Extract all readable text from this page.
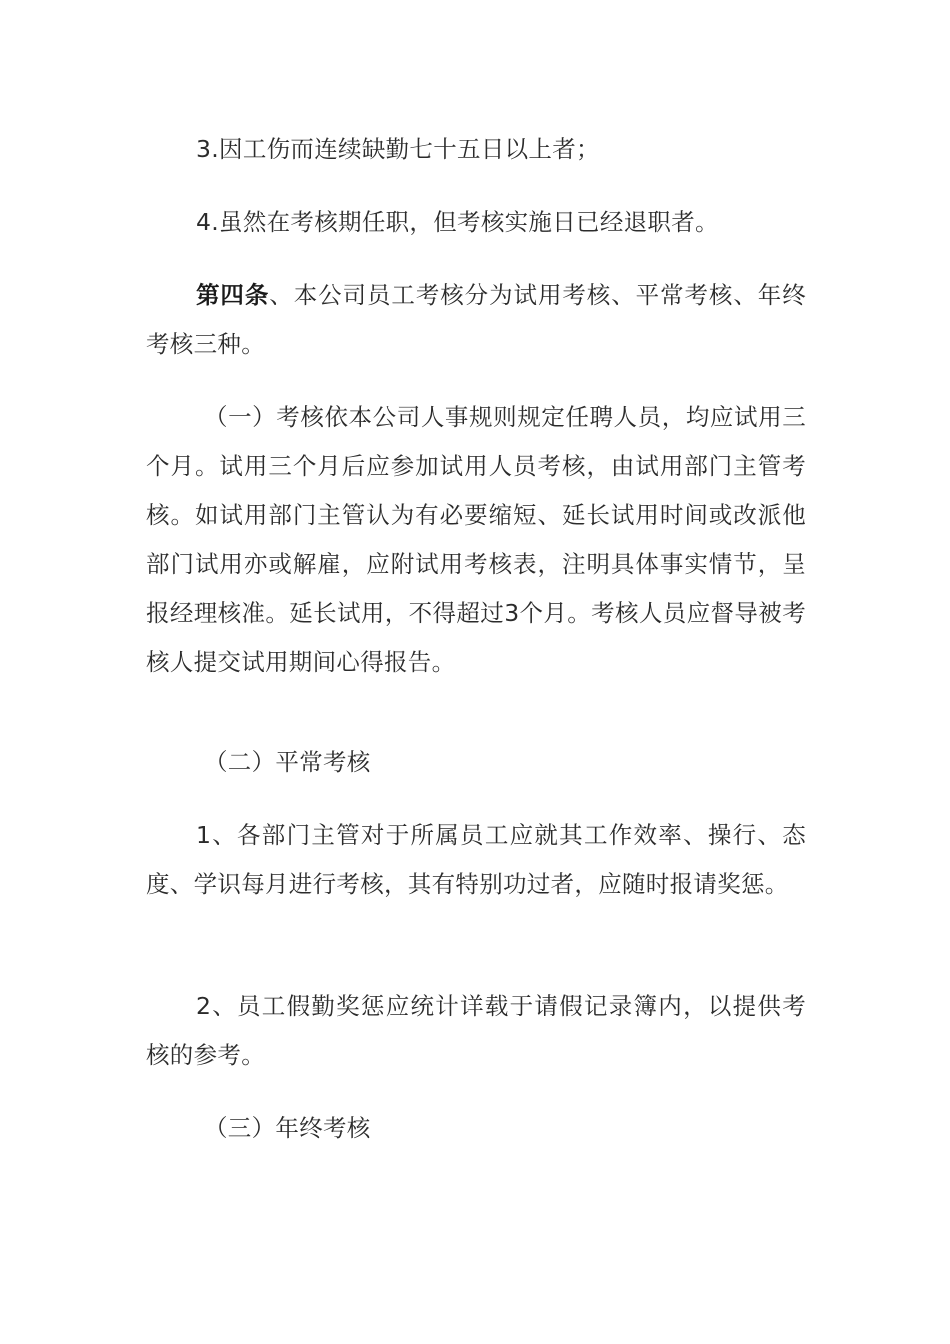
3.因工伤而连续缺勤七十五日以上者；
4.虽然在考核期任职，但考核实施日已经退职者。
第四条、本公司员工考核分为试用考核、平常考核、年终考核三种。
（一）考核依本公司人事规则规定任聘人员，均应试用三个月。试用三个月后应参加试用人员考核，由试用部门主管考核。如试用部门主管认为有必要缩短、延长试用时间或改派他部门试用亦或解雇，应附试用考核表，注明具体事实情节，呈报经理核准。延长试用，不得超过3个月。考核人员应督导被考核人提交试用期间心得报告。
（二）平常考核
1、各部门主管对于所属员工应就其工作效率、操行、态度、学识每月进行考核，其有特别功过者，应随时报请奖惩。
2、员工假勤奖惩应统计详载于请假记录簿内，以提供考核的参考。
（三）年终考核
